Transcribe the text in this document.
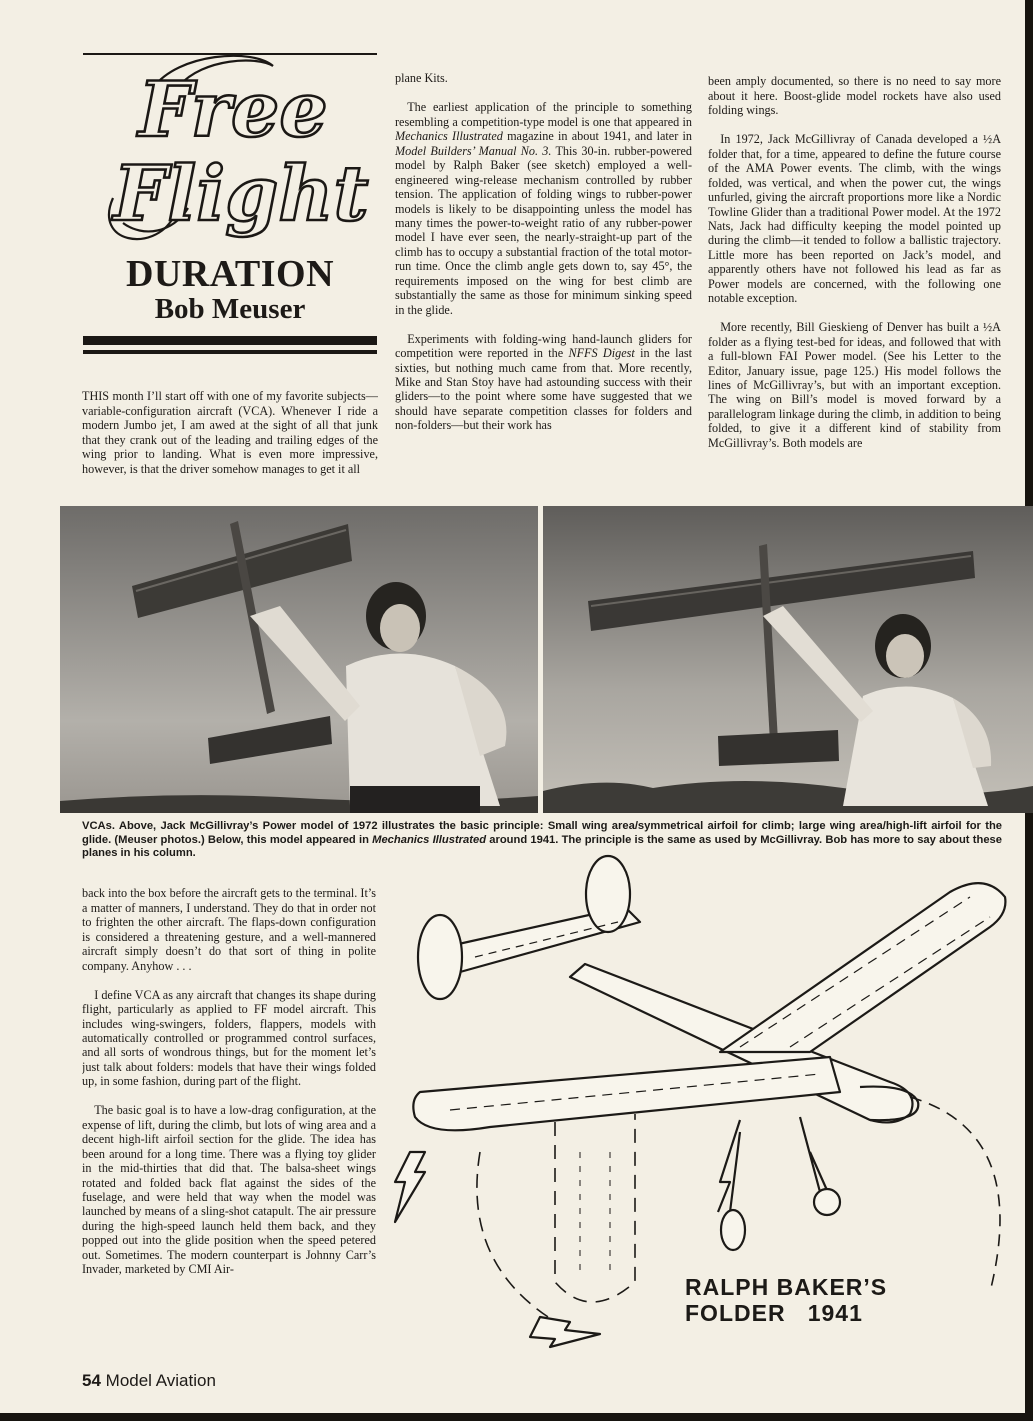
Free
Flight
DURATION
Bob Meuser

THIS month I’ll start off with one of my favorite subjects—variable-configuration aircraft (VCA). Whenever I ride a modern Jumbo jet, I am awed at the sight of all that junk that they crank out of the leading and trailing edges of the wing prior to landing. What is even more impressive, however, is that the driver somehow manages to get it all

plane Kits.

 The earliest application of the principle to something resembling a competition-type model is one that appeared in Mechanics Illustrated magazine in about 1941, and later in Model Builders’ Manual No. 3. This 30-in. rubber-powered model by Ralph Baker (see sketch) employed a well-engineered wing-release mechanism controlled by rubber tension. The application of folding wings to rubber-power models is likely to be disappointing unless the model has many times the power-to-weight ratio of any rubber-power model I have ever seen, the nearly-straight-up part of the climb has to occupy a substantial fraction of the total motor-run time. Once the climb angle gets down to, say 45°, the requirements imposed on the wing for best climb are substantially the same as those for minimum sinking speed in the glide.

 Experiments with folding-wing hand-launch gliders for competition were reported in the NFFS Digest in the last sixties, but nothing much came from that. More recently, Mike and Stan Stoy have had astounding success with their gliders—to the point where some have suggested that we should have separate competition classes for folders and non-folders—but their work has

been amply documented, so there is no need to say more about it here. Boost-glide model rockets have also used folding wings.

 In 1972, Jack McGillivray of Canada developed a ½A folder that, for a time, appeared to define the future course of the AMA Power events. The climb, with the wings folded, was vertical, and when the power cut, the wings unfurled, giving the aircraft proportions more like a Nordic Towline Glider than a traditional Power model. At the 1972 Nats, Jack had difficulty keeping the model pointed up during the climb—it tended to follow a ballistic trajectory. Little more has been reported on Jack’s model, and apparently others have not followed his lead as far as Power models are concerned, with the following one notable exception.

 More recently, Bill Gieskieng of Denver has built a ½A folder as a flying test-bed for ideas, and followed that with a full-blown FAI Power model. (See his Letter to the Editor, January issue, page 125.) His model follows the lines of McGillivray’s, but with an important exception. The wing on Bill’s model is moved forward by a parallelogram linkage during the climb, in addition to being folded, to give it a different kind of stability from McGillivray’s. Both models are

VCAs. Above, Jack McGillivray’s Power model of 1972 illustrates the basic principle: Small wing area/symmetrical airfoil for climb; large wing area/high-lift airfoil for the glide. (Meuser photos.) Below, this model appeared in Mechanics Illustrated around 1941. The principle is the same as used by McGillivray. Bob has more to say about these planes in his column.

back into the box before the aircraft gets to the terminal. It’s a matter of manners, I understand. They do that in order not to frighten the other aircraft. The flaps-down configuration is considered a threatening gesture, and a well-mannered aircraft simply doesn’t do that sort of thing in polite company. Anyhow . . .

 I define VCA as any aircraft that changes its shape during flight, particularly as applied to FF model aircraft. This includes wing-swingers, folders, flappers, models with automatically controlled or programmed control surfaces, and all sorts of wondrous things, but for the moment let’s just talk about folders: models that have their wings folded up, in some fashion, during part of the flight.

 The basic goal is to have a low-drag configuration, at the expense of lift, during the climb, but lots of wing area and a decent high-lift airfoil section for the glide. The idea has been around for a long time. There was a flying toy glider in the mid-thirties that did that. The balsa-sheet wings rotated and folded back flat against the sides of the fuselage, and were held that way when the model was launched by means of a sling-shot catapult. The air pressure during the high-speed launch held them back, and they popped out into the glide position when the speed petered out. Sometimes. The modern counterpart is Johnny Carr’s Invader, marketed by CMI Air-

RALPH BAKER’S
FOLDER   1941
54 Model Aviation
